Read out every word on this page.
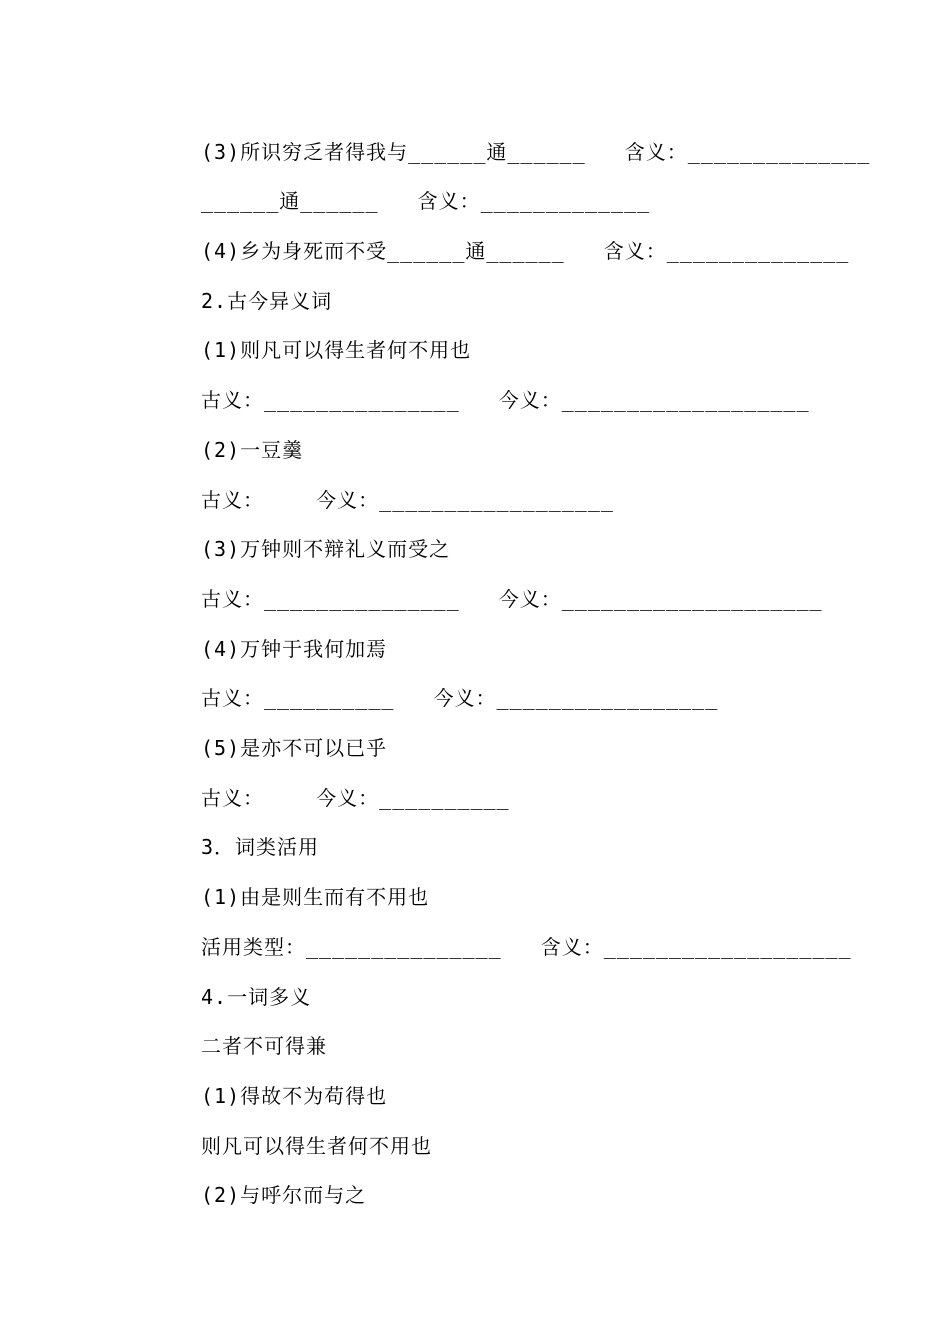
(3)所识穷乏者得我与______通______   含义：______________
______通______   含义：_____________
(4)乡为身死而不受______通______   含义：______________
2.古今异义词
(1)则凡可以得生者何不用也
古义：_______________   今义：___________________
(2)一豆羹
古义：    今义：__________________
(3)万钟则不辩礼义而受之
古义：_______________   今义：____________________
(4)万钟于我何加焉
古义：__________   今义：_________________
(5)是亦不可以已乎
古义：    今义：__________
3．词类活用
(1)由是则生而有不用也
活用类型：_______________   含义：___________________
4.一词多义
二者不可得兼
(1)得故不为苟得也
则凡可以得生者何不用也
(2)与呼尔而与之
